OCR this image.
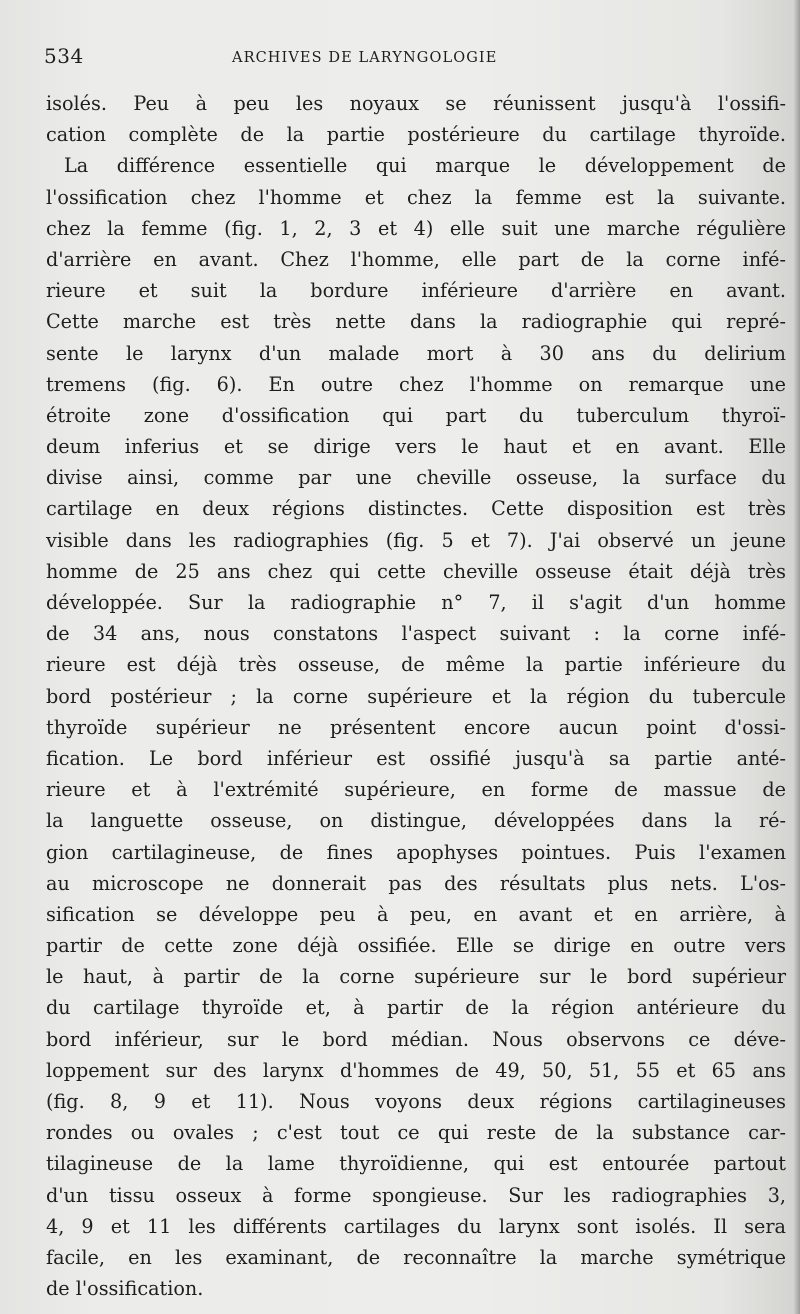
534	ARCHIVES DE LARYNGOLOGIE
isolés. Peu à peu les noyaux se réunissent jusqu'à l'ossifi-
cation complète de la partie postérieure du cartilage thyroïde.
La différence essentielle qui marque le développement de
l'ossification chez l'homme et chez la femme est la suivante.
chez la femme (fig. 1, 2, 3 et 4) elle suit une marche régulière
d'arrière en avant. Chez l'homme, elle part de la corne infé-
rieure et suit la bordure inférieure d'arrière en avant.
Cette marche est très nette dans la radiographie qui repré-
sente le larynx d'un malade mort à 30 ans du delirium
tremens (fig. 6). En outre chez l'homme on remarque une
étroite zone d'ossification qui part du tuberculum thyroï-
deum inferius et se dirige vers le haut et en avant. Elle
divise ainsi, comme par une cheville osseuse, la surface du
cartilage en deux régions distinctes. Cette disposition est très
visible dans les radiographies (fig. 5 et 7). J'ai observé un jeune
homme de 25 ans chez qui cette cheville osseuse était déjà très
développée. Sur la radiographie n° 7, il s'agit d'un homme
de 34 ans, nous constatons l'aspect suivant : la corne infé-
rieure est déjà très osseuse, de même la partie inférieure du
bord postérieur ; la corne supérieure et la région du tubercule
thyroïde supérieur ne présentent encore aucun point d'ossi-
fication. Le bord inférieur est ossifié jusqu'à sa partie anté-
rieure et à l'extrémité supérieure, en forme de massue de
la languette osseuse, on distingue, développées dans la ré-
gion cartilagineuse, de fines apophyses pointues. Puis l'examen
au microscope ne donnerait pas des résultats plus nets. L'os-
sification se développe peu à peu, en avant et en arrière, à
partir de cette zone déjà ossifiée. Elle se dirige en outre vers
le haut, à partir de la corne supérieure sur le bord supérieur
du cartilage thyroïde et, à partir de la région antérieure du
bord inférieur, sur le bord médian. Nous observons ce déve-
loppement sur des larynx d'hommes de 49, 50, 51, 55 et 65 ans
(fig. 8, 9 et 11). Nous voyons deux régions cartilagineuses
rondes ou ovales ; c'est tout ce qui reste de la substance car-
tilagineuse de la lame thyroïdienne, qui est entourée partout
d'un tissu osseux à forme spongieuse. Sur les radiographies 3,
4, 9 et 11 les différents cartilages du larynx sont isolés. Il sera
facile, en les examinant, de reconnaître la marche symétrique
de l'ossification.
